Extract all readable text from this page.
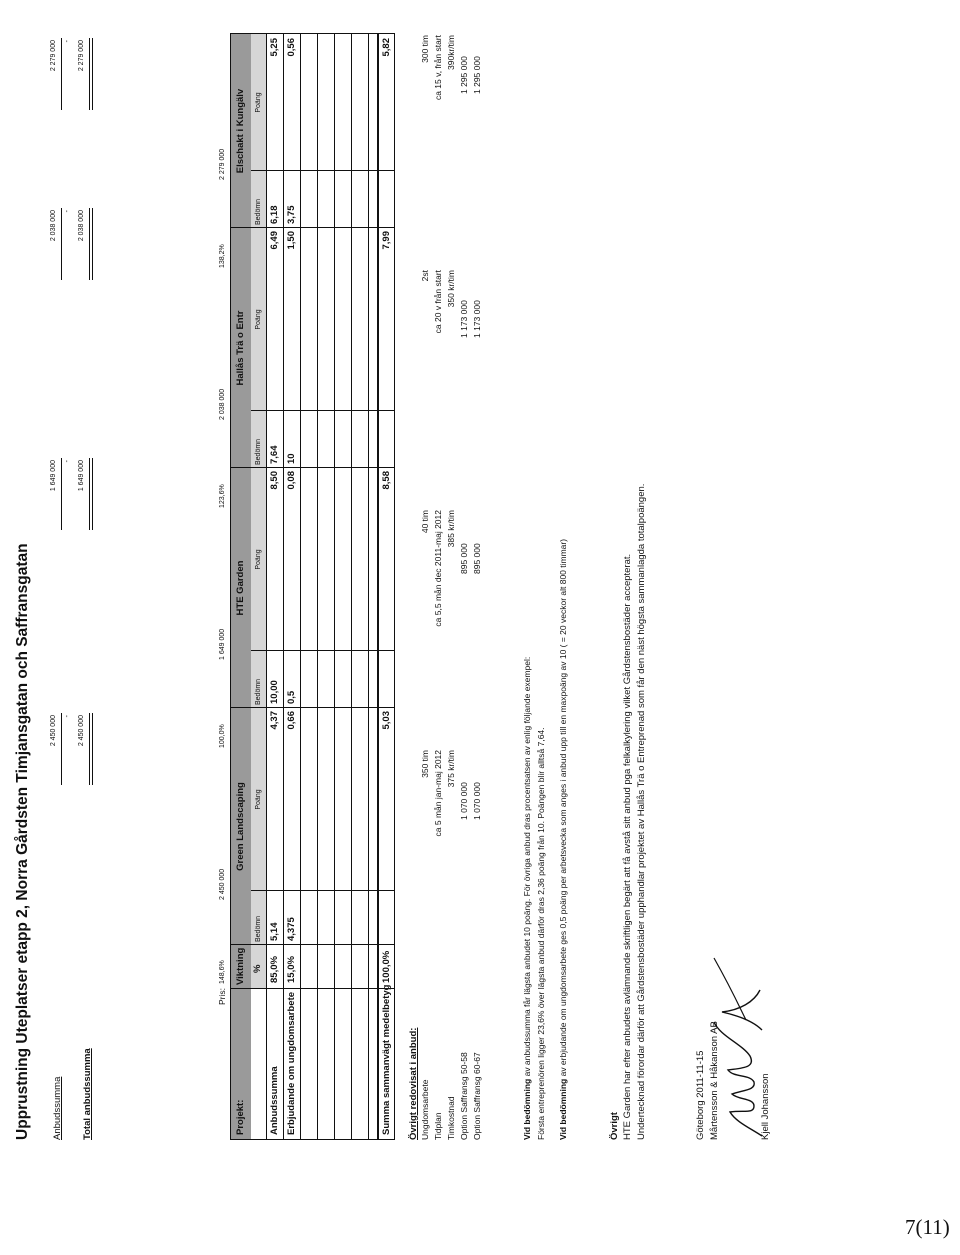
Upprustning Uteplatser etapp 2, Norra Gårdsten Timjansgatan och Saffransgatan Anbudssumma Total anbudssumma
2 450 000
1 649 000
2 038 000
2 279 000
-
-
-
-
2 450 000
1 649 000
2 038 000
2 279 000
Pris:
148,6%
2 450 000
100,0%
1 649 000
123,6%
2 038 000
138,2%
2 279 000
Projekt:
Viktning %
Green Landscaping
HTE Garden
Hallås Trä o Entr
Elschakt i Kungälv
Bedömn
Poäng
Bedömn
Poäng
Bedömn
Poäng
Bedömn
Poäng
Anbudssumma
85,0%
5,14
4,37
10,00
8,50
7,64
6,49
6,18
5,25
Erbjudande om ungdomsarbete
15,0%
4,375
0,66
0,5
0,08
10
1,50
3,75
0,56
Summa sammanvägt medelbetyg
100,0%
5,03
8,58
7,99
5,82
Övrigt redovisat i anbud: Ungdomsarbete Tidplan Timkostnad Option Saffransg 50-58 Option Saffransg 60-67
350 tim ca 5 mån jan-maj 2012 375 kr/tim
1 070 000 1 070 000
40 tim ca 5,5 mån dec 2011-maj 2012 385 kr/tim
895 000 895 000
2st ca 20 v från start 350 kr/tim
1 173 000 1 173 000
300 tim ca 15 v, från start 390kr/tim
1 295 000 1 295 000
Vid bedömning av anbudssumma får lägsta anbudet 10 poäng. För övriga anbud dras procentsatsen av enlig följande exempel: Första entreprenören ligger 23,6% över lägsta anbud därför dras 2,36 poäng från 10. Poängen blir alltså 7,64. Vid bedömning av erbjudande om ungdomsarbete ges 0,5 poäng per arbetsvecka som anges i anbud upp till en maxpoäng av 10 ( = 20 veckor alt 800 timmar)
Övrigt HTE Garden har efter anbudets avlämnande skriftligen begärt att få avstå sitt anbud pga felkalkylering vilket Gårdstensbostäder accepterat. Undertecknad förordar därför att Gårdstensbostäder upphandlar projektet av Hallås Trä o Entreprenad som får den näst högsta sammanlagda totalpoängen.	Göteborg 2011-11-15 Mårtensson & Håkanson AB	Kjell Johansson
7(11)
